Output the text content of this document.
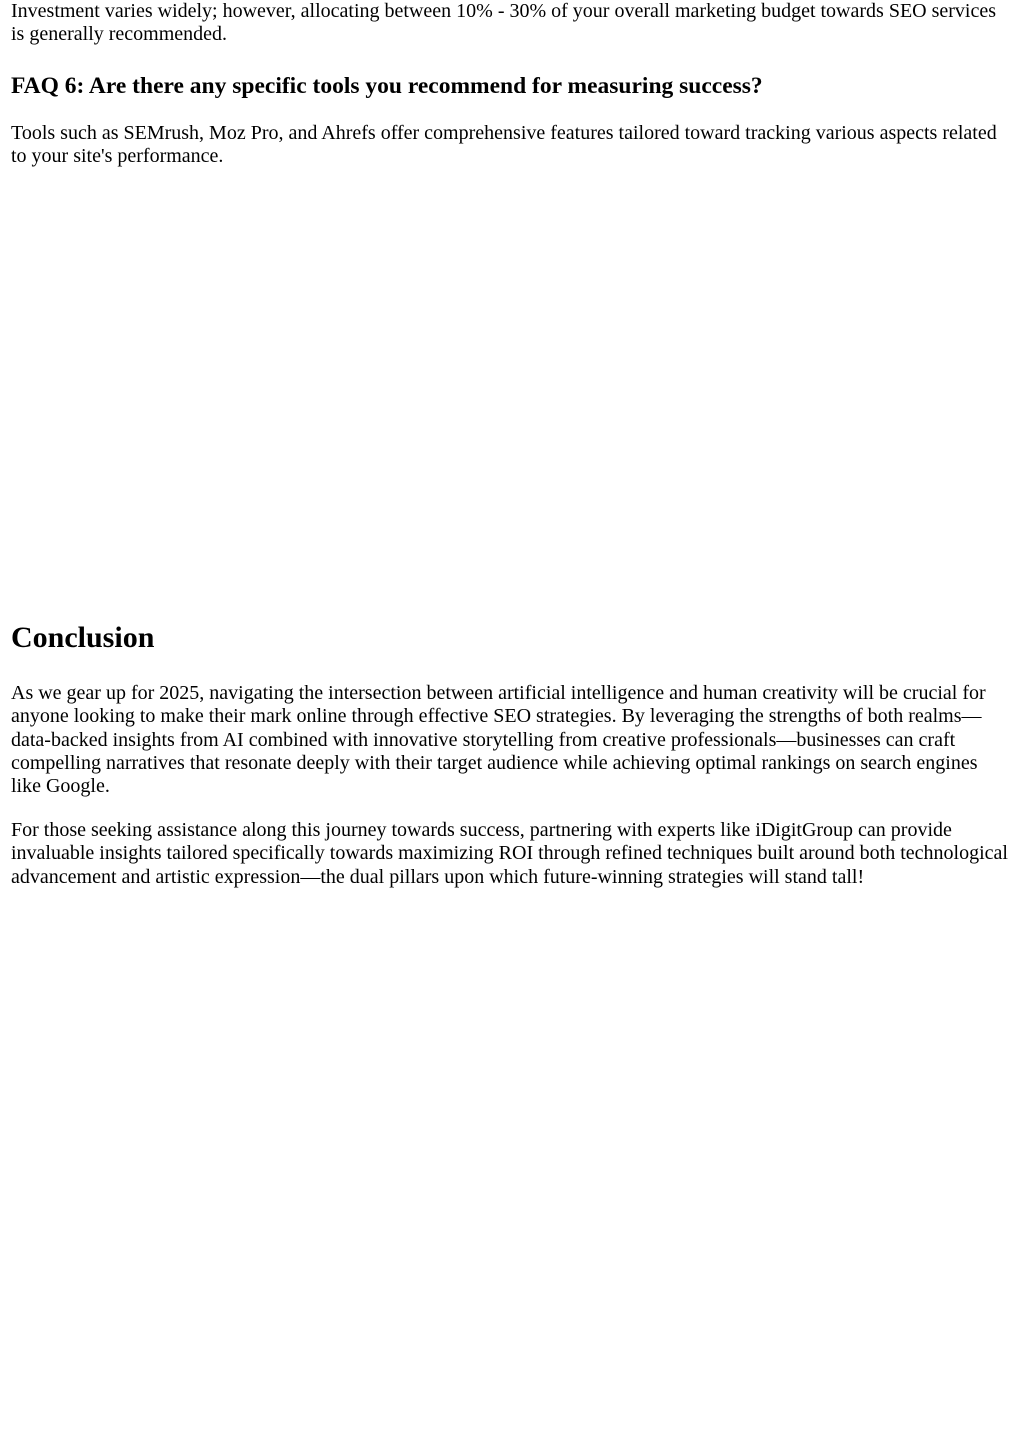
Investment varies widely; however, allocating between 10% - 30% of your overall marketing budget towards SEO services is generally recommended.

FAQ 6: Are there any specific tools you recommend for measuring success?

Tools such as SEMrush, Moz Pro, and Ahrefs offer comprehensive features tailored toward tracking various aspects related to your site's performance.

Conclusion

As we gear up for 2025, navigating the intersection between artificial intelligence and human creativity will be crucial for anyone looking to make their mark online through effective SEO strategies. By leveraging the strengths of both realms—data-backed insights from AI combined with innovative storytelling from creative professionals—businesses can craft compelling narratives that resonate deeply with their target audience while achieving optimal rankings on search engines like Google.

For those seeking assistance along this journey towards success, partnering with experts like iDigitGroup can provide invaluable insights tailored specifically towards maximizing ROI through refined techniques built around both technological advancement and artistic expression—the dual pillars upon which future-winning strategies will stand tall!
